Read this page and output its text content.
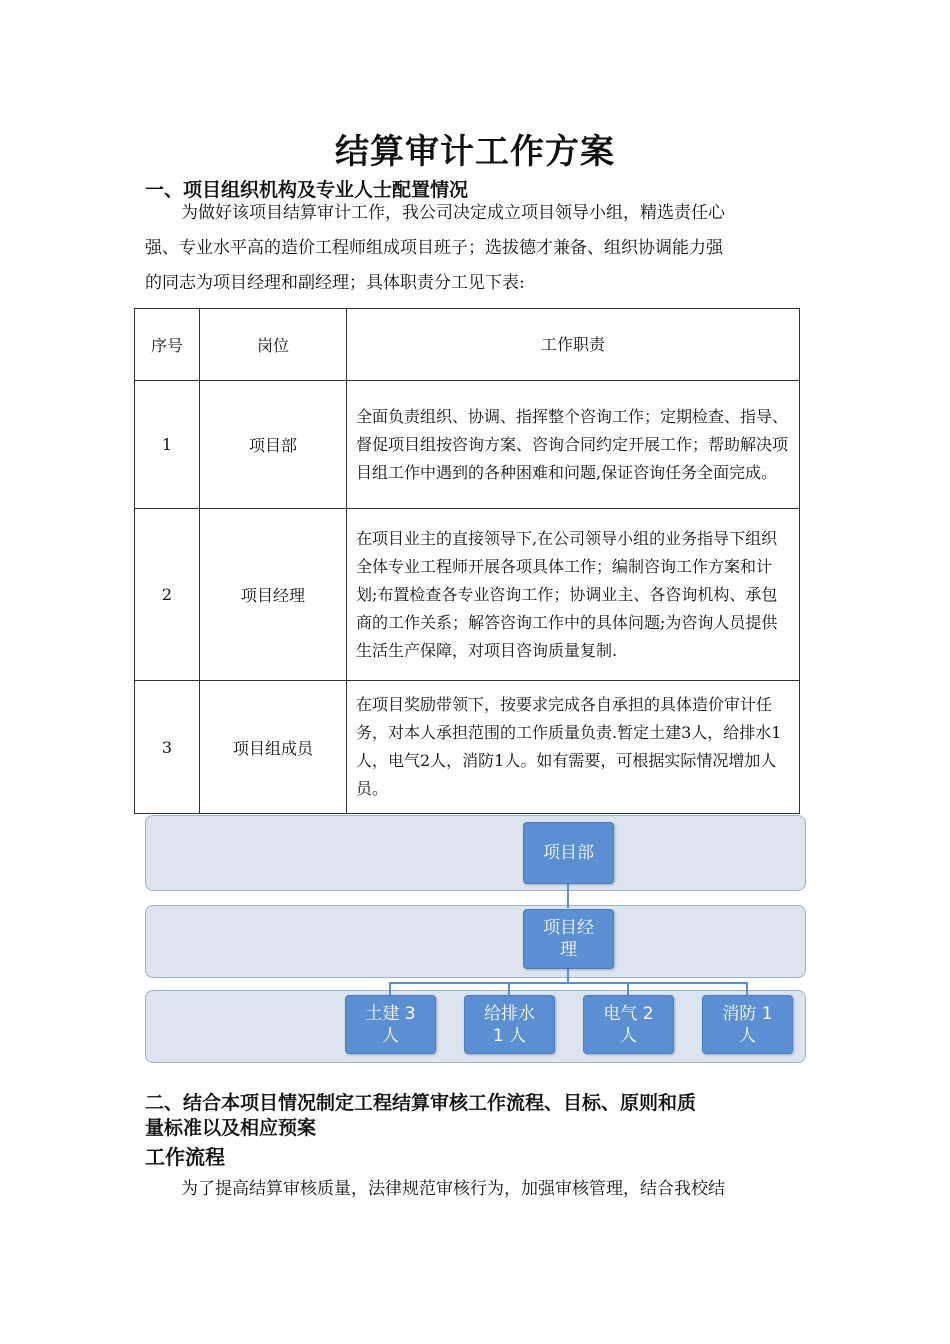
结算审计工作方案
一、项目组织机构及专业人士配置情况
为做好该项目结算审计工作，我公司决定成立项目领导小组，精选责任心
强、专业水平高的造价工程师组成项目班子；选拔德才兼备、组织协调能力强
的同志为项目经理和副经理；具体职责分工见下表:
序号	岗位	工作职责
1	项目部	全面负责组织、协调、指挥整个咨询工作；定期检查、指导、督促项目组按咨询方案、咨询合同约定开展工作；帮助解决项目组工作中遇到的各种困难和问题,保证咨询任务全面完成。
2	项目经理	在项目业主的直接领导下,在公司领导小组的业务指导下组织全体专业工程师开展各项具体工作；编制咨询工作方案和计划;布置检查各专业咨询工作；协调业主、各咨询机构、承包商的工作关系；解答咨询工作中的具体问题;为咨询人员提供生活生产保障，对项目咨询质量复制.
3	项目组成员	在项目奖励带领下，按要求完成各自承担的具体造价审计任务，对本人承担范围的工作质量负责.暂定土建3人，给排水1人，电气2人，消防1人。如有需要，可根据实际情况增加人员。
项目部
项目经
理
土建 3
人
给排水
1 人
电气 2
人
消防 1
人
二、结合本项目情况制定工程结算审核工作流程、目标、原则和质
量标准以及相应预案
工作流程
为了提高结算审核质量，法律规范审核行为，加强审核管理，结合我校结
